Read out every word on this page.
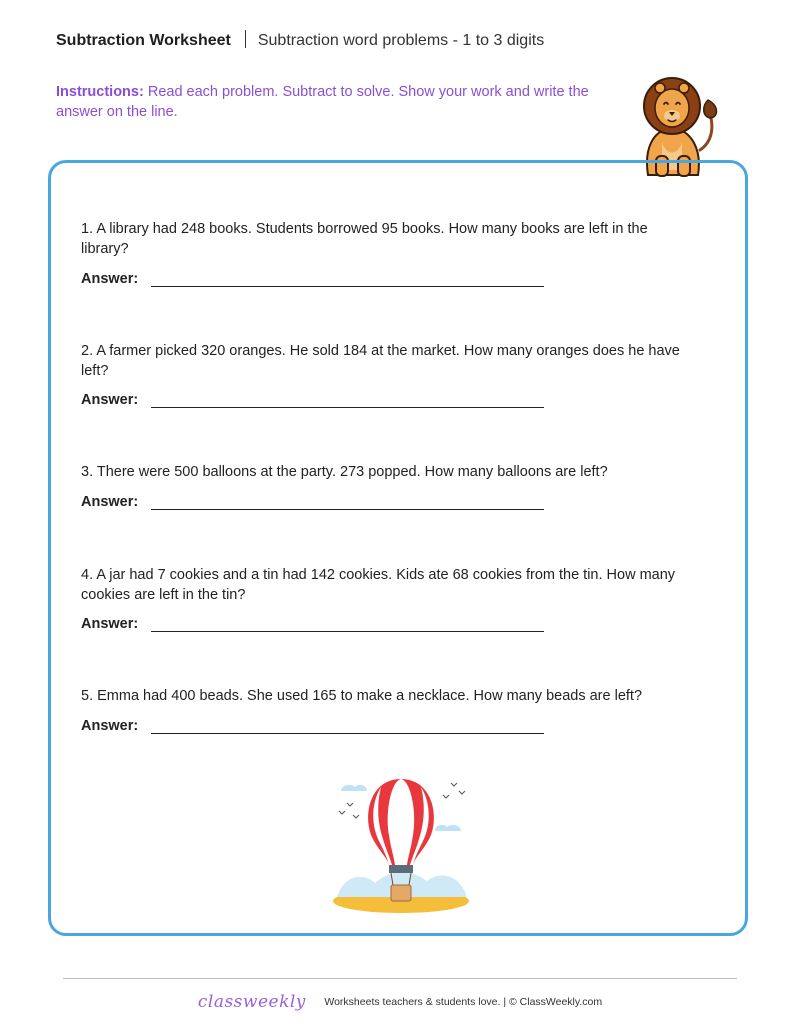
Subtraction Worksheet Subtraction word problems - 1 to 3 digits
Instructions: Read each problem. Subtract to solve. Show your work and write the answer on the line.
1. A library had 248 books. Students borrowed 95 books. How many books are left in the library?
Answer:
2. A farmer picked 320 oranges. He sold 184 at the market. How many oranges does he have left?
Answer:
3. There were 500 balloons at the party. 273 popped. How many balloons are left?
Answer:
4. A jar had 7 cookies and a tin had 142 cookies. Kids ate 68 cookies from the tin. How many cookies are left in the tin?
Answer:
5. Emma had 400 beads. She used 165 to make a necklace. How many beads are left?
Answer:
classweekly Worksheets teachers & students love. | © ClassWeekly.com
